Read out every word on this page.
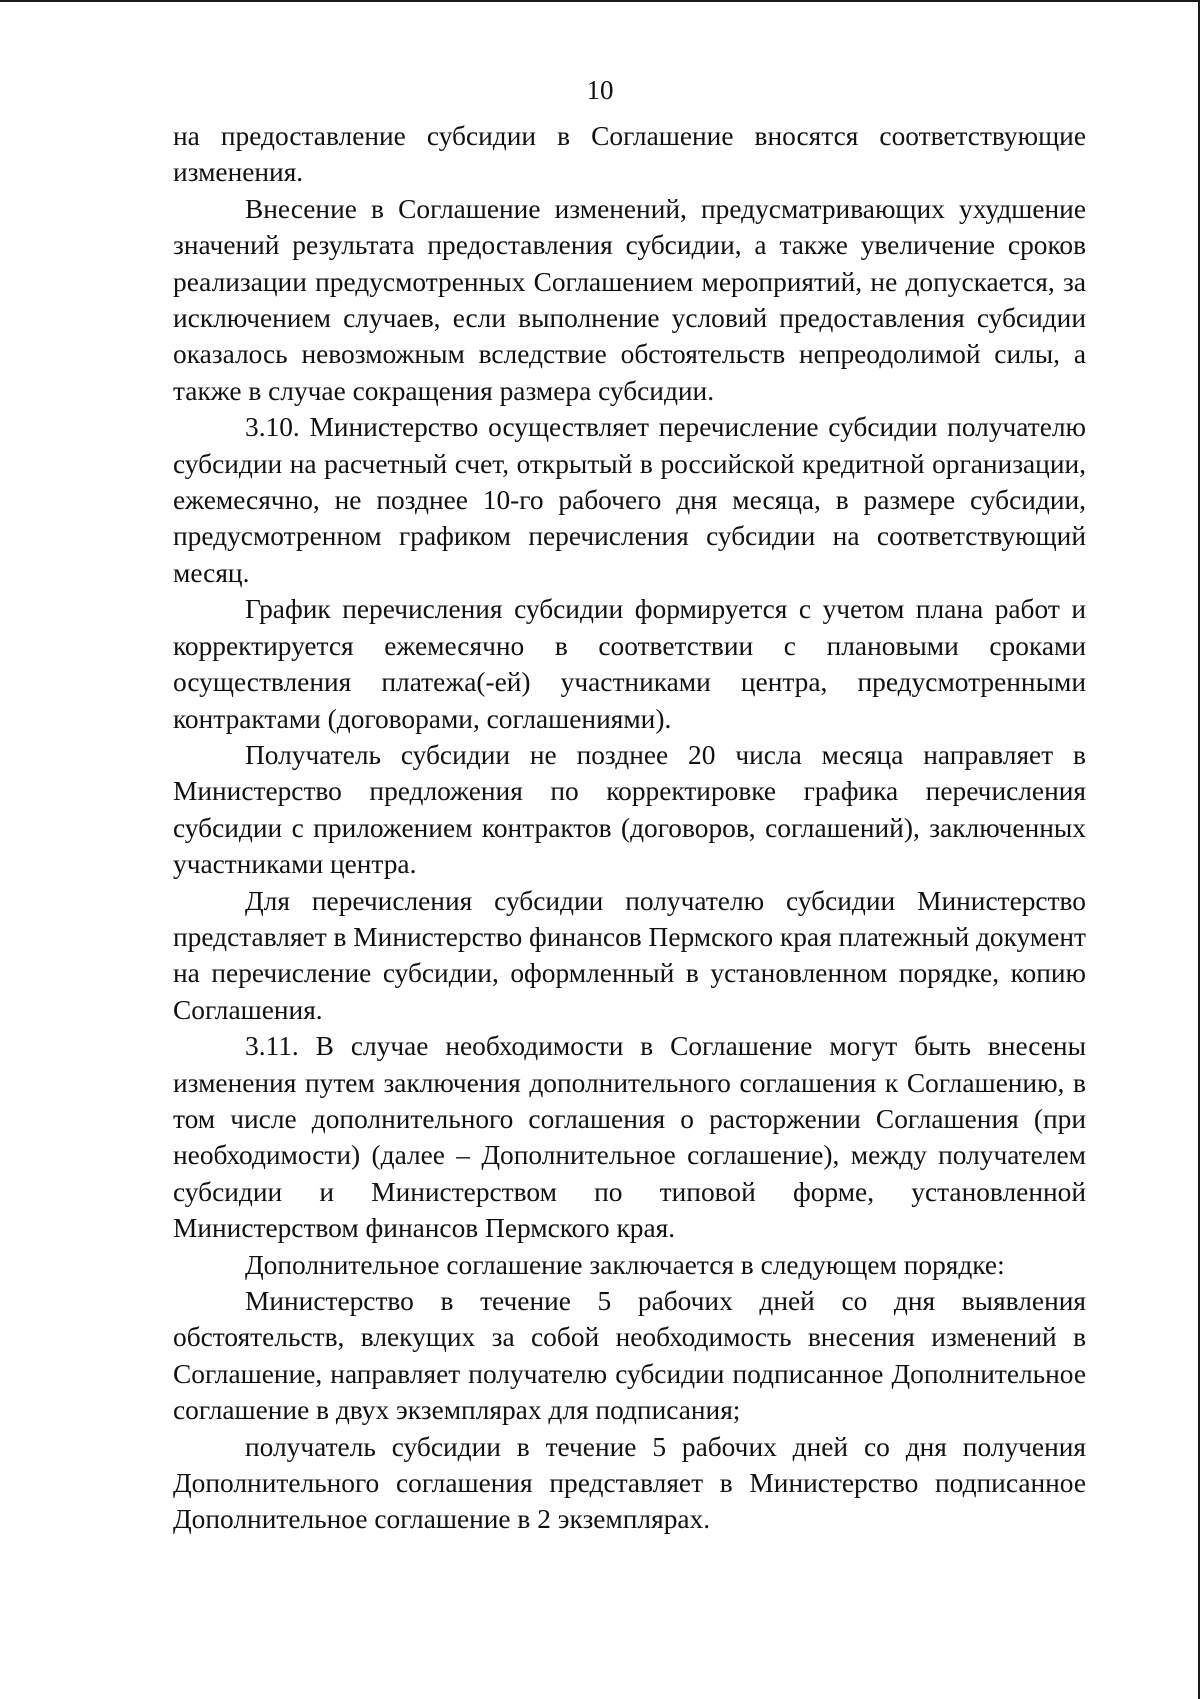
10

на предоставление субсидии в Соглашение вносятся соответствующие изменения.

Внесение в Соглашение изменений, предусматривающих ухудшение значений результата предоставления субсидии, а также увеличение сроков реализации предусмотренных Соглашением мероприятий, не допускается, за исключением случаев, если выполнение условий предоставления субсидии оказалось невозможным вследствие обстоятельств непреодолимой силы, а также в случае сокращения размера субсидии.

3.10. Министерство осуществляет перечисление субсидии получателю субсидии на расчетный счет, открытый в российской кредитной организации, ежемесячно, не позднее 10-го рабочего дня месяца, в размере субсидии, предусмотренном графиком перечисления субсидии на соответствующий месяц.

График перечисления субсидии формируется с учетом плана работ и корректируется ежемесячно в соответствии с плановыми сроками осуществления платежа(-ей) участниками центра, предусмотренными контрактами (договорами, соглашениями).

Получатель субсидии не позднее 20 числа месяца направляет в Министерство предложения по корректировке графика перечисления субсидии с приложением контрактов (договоров, соглашений), заключенных участниками центра.

Для перечисления субсидии получателю субсидии Министерство представляет в Министерство финансов Пермского края платежный документ на перечисление субсидии, оформленный в установленном порядке, копию Соглашения.

3.11. В случае необходимости в Соглашение могут быть внесены изменения путем заключения дополнительного соглашения к Соглашению, в том числе дополнительного соглашения о расторжении Соглашения (при необходимости) (далее – Дополнительное соглашение), между получателем субсидии и Министерством по типовой форме, установленной Министерством финансов Пермского края.

Дополнительное соглашение заключается в следующем порядке:

Министерство в течение 5 рабочих дней со дня выявления обстоятельств, влекущих за собой необходимость внесения изменений в Соглашение, направляет получателю субсидии подписанное Дополнительное соглашение в двух экземплярах для подписания;

получатель субсидии в течение 5 рабочих дней со дня получения Дополнительного соглашения представляет в Министерство подписанное Дополнительное соглашение в 2 экземплярах.
